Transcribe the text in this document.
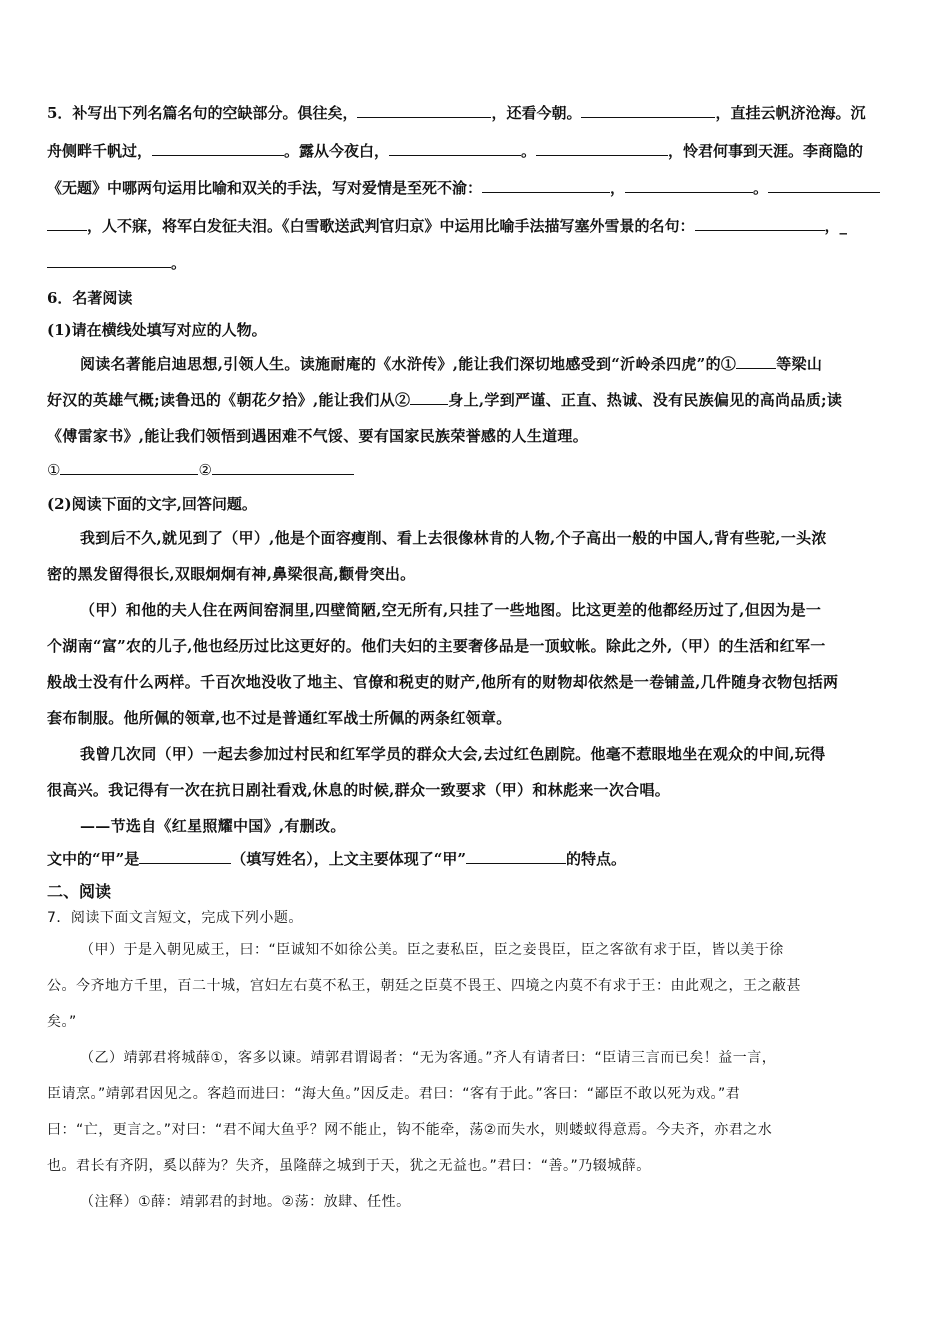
5．补写出下列名篇名句的空缺部分。俱往矣，	，还看今朝。	，直挂云帆济沧海。沉
舟侧畔千帆过，	。露从今夜白，	。	，怜君何事到天涯。李商隐的
《无题》中哪两句运用比喻和双关的手法，写对爱情是至死不渝：	，	。
，人不寐，将军白发征夫泪。《白雪歌送武判官归京》中运用比喻手法描写塞外雪景的名句：	，_
。
6．名著阅读
(1)请在横线处填写对应的人物。
阅读名著能启迪思想,引领人生。读施耐庵的《水浒传》,能让我们深切地感受到“沂岭杀四虎”的①	等梁山
好汉的英雄气概;读鲁迅的《朝花夕拾》,能让我们从②	身上,学到严谨、正直、热诚、没有民族偏见的高尚品质;读
《傅雷家书》,能让我们领悟到遇困难不气馁、要有国家民族荣誉感的人生道理。
①	②
(2)阅读下面的文字,回答问题。
我到后不久,就见到了（甲）,他是个面容瘦削、看上去很像林肯的人物,个子高出一般的中国人,背有些驼,一头浓
密的黑发留得很长,双眼炯炯有神,鼻梁很高,颧骨突出。
（甲）和他的夫人住在两间窑洞里,四壁简陋,空无所有,只挂了一些地图。比这更差的他都经历过了,但因为是一
个湖南“富”农的儿子,他也经历过比这更好的。他们夫妇的主要奢侈品是一顶蚊帐。除此之外,（甲）的生活和红军一
般战士没有什么两样。千百次地没收了地主、官僚和税吏的财产,他所有的财物却依然是一卷铺盖,几件随身衣物包括两
套布制服。他所佩的领章,也不过是普通红军战士所佩的两条红领章。
我曾几次同（甲）一起去参加过村民和红军学员的群众大会,去过红色剧院。他毫不惹眼地坐在观众的中间,玩得
很高兴。我记得有一次在抗日剧社看戏,休息的时候,群众一致要求（甲）和林彪来一次合唱。
——节选自《红星照耀中国》,有删改。
文中的“甲”是	（填写姓名），上文主要体现了“甲”	的特点。
二、阅读
7．阅读下面文言短文，完成下列小题。
（甲）于是入朝见威王，曰：“臣诚知不如徐公美。臣之妻私臣，臣之妾畏臣，臣之客欲有求于臣，皆以美于徐
公。今齐地方千里，百二十城，宫妇左右莫不私王，朝廷之臣莫不畏王、四境之内莫不有求于王：由此观之，王之蔽甚
矣。”
（乙）靖郭君将城薛①，客多以谏。靖郭君谓谒者：“无为客通。”齐人有请者曰：“臣请三言而已矣！益一言，
臣请烹。”靖郭君因见之。客趋而进曰：“海大鱼。”因反走。君曰：“客有于此。”客曰：“鄙臣不敢以死为戏。”君
曰：“亡，更言之。”对曰：“君不闻大鱼乎？网不能止，钩不能牵，荡②而失水，则蝼蚁得意焉。今夫齐，亦君之水
也。君长有齐阴，奚以薛为？失齐，虽隆薛之城到于天，犹之无益也。”君曰：“善。”乃辍城薛。
（注释）①薛：靖郭君的封地。②荡：放肆、任性。
